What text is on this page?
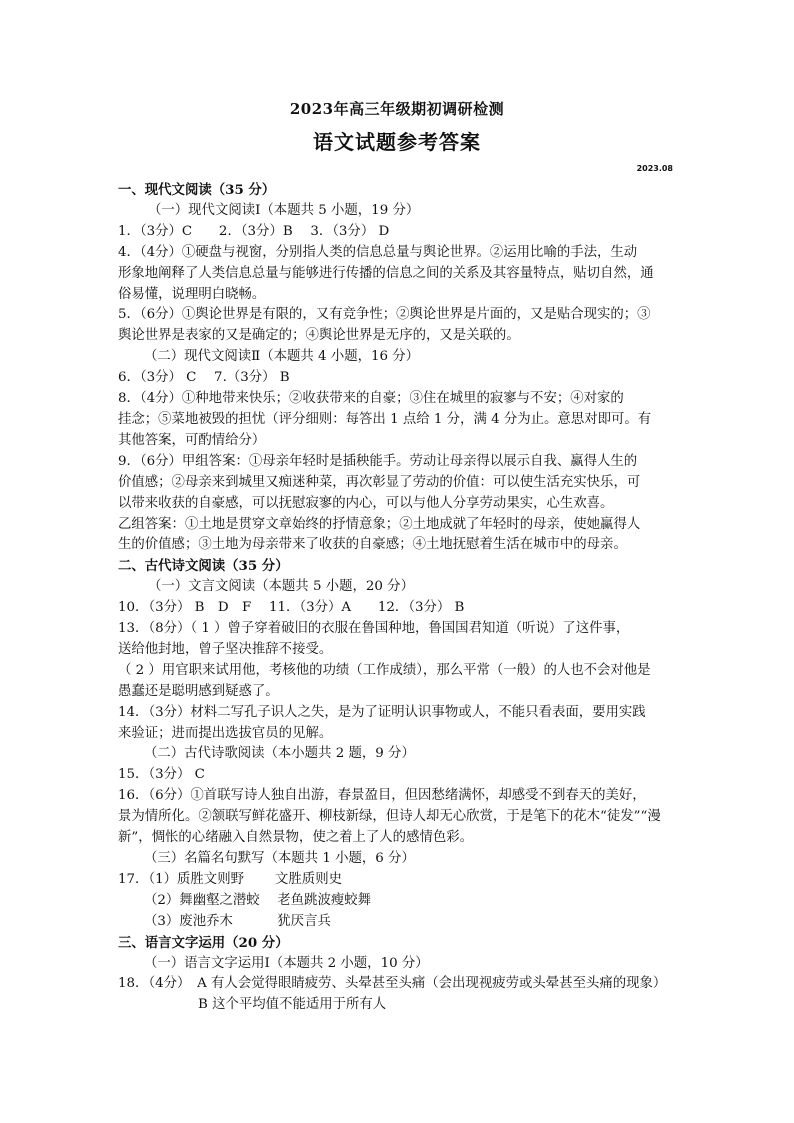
2023年高三年级期初调研检测
语文试题参考答案
2023.08

一、现代文阅读（35 分）

（一）现代文阅读Ⅰ（本题共 5 小题，19 分）

1．（3分）C　　2．（3分）B　 3．（3分） D

4．（4分）①硬盘与视窗，分别指人类的信息总量与舆论世界。②运用比喻的手法，生动

形象地阐释了人类信息总量与能够进行传播的信息之间的关系及其容量特点，贴切自然，通

俗易懂，说理明白晓畅。

5．（6分）①舆论世界是有限的，又有竞争性；②舆论世界是片面的，又是贴合现实的；③

舆论世界是表家的又是确定的；④舆论世界是无序的，又是关联的。

（二）现代文阅读Ⅱ（本题共 4 小题，16 分）

6．（3分） C　 7.（3分） B

8．（4分）①种地带来快乐；②收获带来的自豪；③住在城里的寂寥与不安；④对家的

挂念；⑤菜地被毁的担忧（评分细则：每答出 1 点给 1 分，满 4 分为止。意思对即可。有

其他答案，可酌情给分）

9．（6分）甲组答案：①母亲年轻时是插秧能手。劳动让母亲得以展示自我、赢得人生的

价值感；②母亲来到城里又痴迷种菜，再次彰显了劳动的价值：可以使生活充实快乐，可

以带来收获的自豪感，可以抚慰寂寥的内心，可以与他人分享劳动果实，心生欢喜。

乙组答案：①土地是贯穿文章始终的抒情意象；②土地成就了年轻时的母亲，使她赢得人

生的价值感；③土地为母亲带来了收获的自豪感；④土地抚慰着生活在城市中的母亲。

二、古代诗文阅读（35 分）

（一）文言文阅读（本题共 5 小题，20 分）

10．（3分） B　D　F　 11．（3分）A　　12．（3分） B

13．（8分）（ 1 ）曾子穿着破旧的衣服在鲁国种地，鲁国国君知道（听说）了这件事，

送给他封地，曾子坚决推辞不接受。

（ 2 ）用官职来试用他，考核他的功绩（工作成绩），那么平常（一般）的人也不会对他是

愚蠢还是聪明感到疑惑了。

14．（3分）材料二写孔子识人之失，是为了证明认识事物或人，不能只看表面，要用实践

来验证；进而提出选拔官员的见解。

（二）古代诗歌阅读（本小题共 2 题，9 分）

15．（3分） C

16．（6分）①首联写诗人独自出游，春景盈目，但因愁绪满怀，却感受不到春天的美好，

景为情所化。②颔联写鲜花盛开、柳枝新绿，但诗人却无心欣赏，于是笔下的花木“徒发”“漫

新”，惆怅的心绪融入自然景物，使之着上了人的感情色彩。

（三）名篇名句默写（本题共 1 小题，6 分）

17．（1）质胜文则野　　 文胜质则史

（2）舞幽壑之潜蛟　 老鱼跳波瘦蛟舞

（3）废池乔木　　　 犹厌言兵

三、语言文字运用（20 分）

（一）语言文字运用Ⅰ（本题共 2 小题，10 分）

18．（4分）　A 有人会觉得眼睛疲劳、头晕甚至头痛（会出现视疲劳或头晕甚至头痛的现象）

B 这个平均值不能适用于所有人
